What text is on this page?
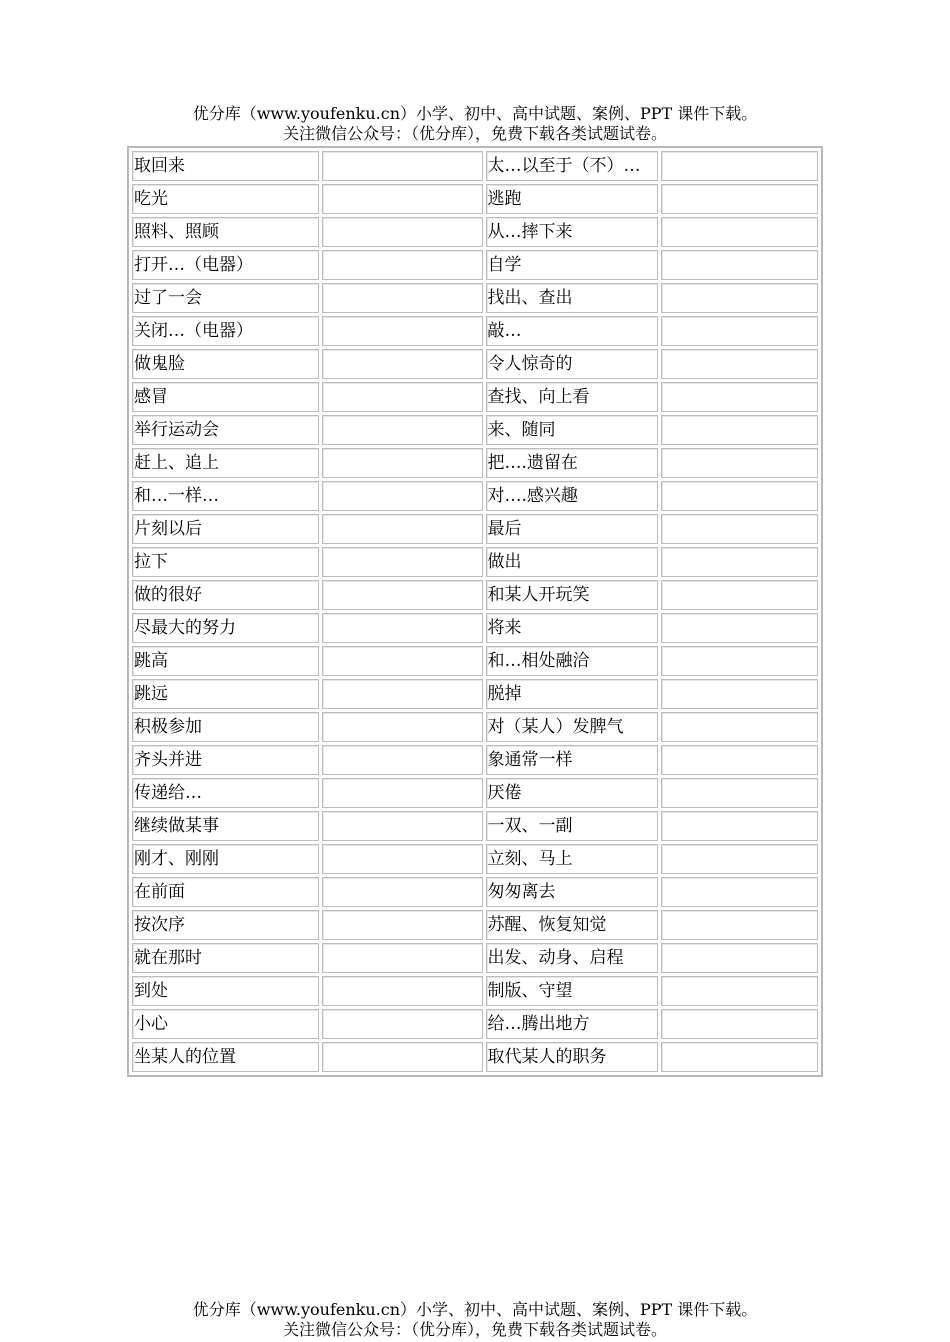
优分库（www.youfenku.cn）小学、初中、高中试题、案例、PPT 课件下载。
关注微信公众号：（优分库），免费下载各类试题试卷。
取回来		太…以至于（不）…	
吃光		逃跑	
照料、照顾		从…摔下来	
打开…（电器）		自学	
过了一会		找出、查出	
关闭…（电器）		敲…	
做鬼脸		令人惊奇的	
感冒		查找、向上看	
举行运动会		来、随同	
赶上、追上		把….遗留在	
和…一样…		对….感兴趣	
片刻以后		最后	
拉下		做出	
做的很好		和某人开玩笑	
尽最大的努力		将来	
跳高		和…相处融洽	
跳远		脱掉	
积极参加		对（某人）发脾气	
齐头并进		象通常一样	
传递给…		厌倦	
继续做某事		一双、一副	
刚才、刚刚		立刻、马上	
在前面		匆匆离去	
按次序		苏醒、恢复知觉	
就在那时		出发、动身、启程	
到处		制版、守望	
小心		给…腾出地方	
坐某人的位置		取代某人的职务	
优分库（www.youfenku.cn）小学、初中、高中试题、案例、PPT 课件下载。
关注微信公众号：（优分库），免费下载各类试题试卷。
